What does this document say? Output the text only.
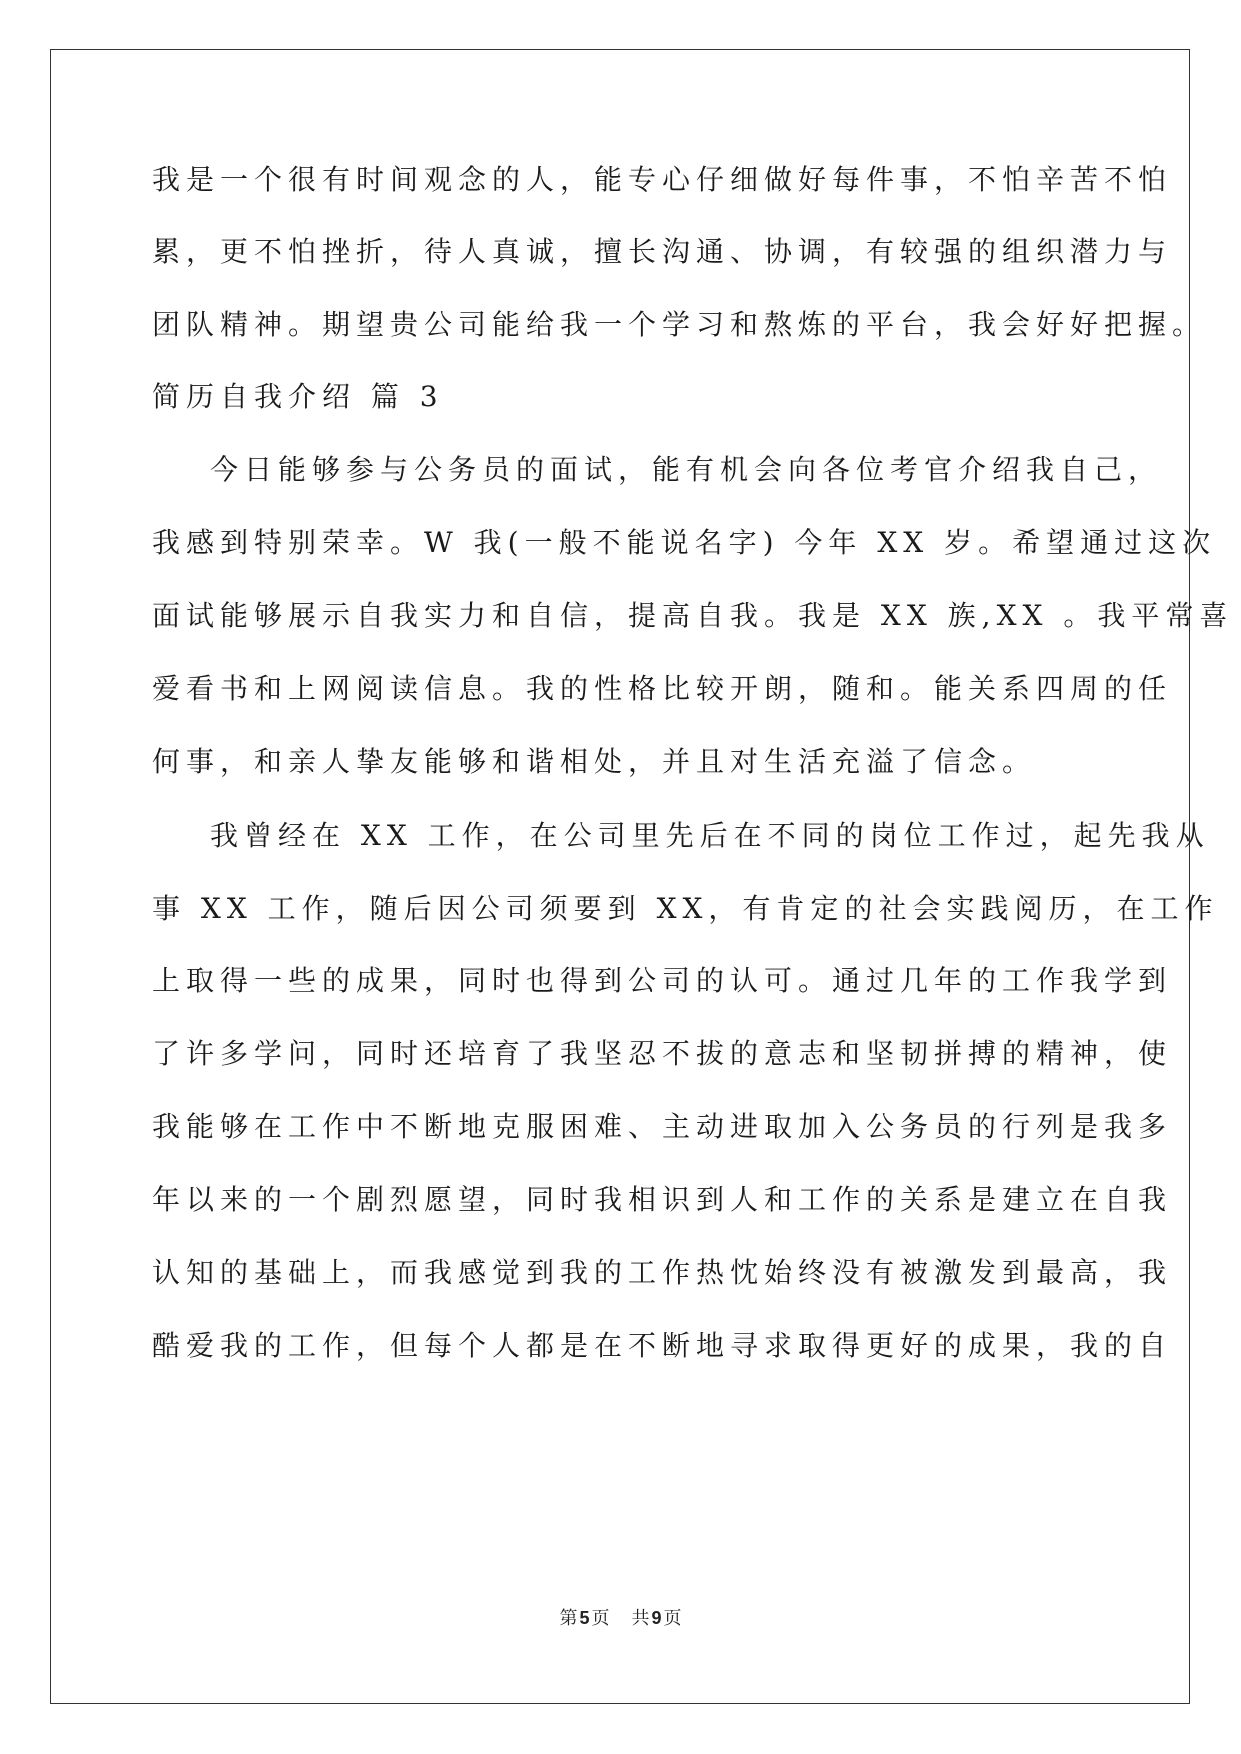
我是一个很有时间观念的人，能专心仔细做好每件事，不怕辛苦不怕
累，更不怕挫折，待人真诚，擅长沟通、协调，有较强的组织潜力与
团队精神。期望贵公司能给我一个学习和熬炼的平台，我会好好把握。
简历自我介绍 篇 3
今日能够参与公务员的面试，能有机会向各位考官介绍我自己，
我感到特别荣幸。W 我(一般不能说名字) 今年 XX 岁。希望通过这次
面试能够展示自我实力和自信，提高自我。我是 XX 族,XX 。我平常喜
爱看书和上网阅读信息。我的性格比较开朗，随和。能关系四周的任
何事，和亲人挚友能够和谐相处，并且对生活充溢了信念。
我曾经在 XX 工作，在公司里先后在不同的岗位工作过，起先我从
事 XX 工作，随后因公司须要到 XX，有肯定的社会实践阅历，在工作
上取得一些的成果，同时也得到公司的认可。通过几年的工作我学到
了许多学问，同时还培育了我坚忍不拔的意志和坚韧拼搏的精神，使
我能够在工作中不断地克服困难、主动进取加入公务员的行列是我多
年以来的一个剧烈愿望，同时我相识到人和工作的关系是建立在自我
认知的基础上，而我感觉到我的工作热忱始终没有被激发到最高，我
酷爱我的工作，但每个人都是在不断地寻求取得更好的成果，我的自
第 5 页 共 9 页
